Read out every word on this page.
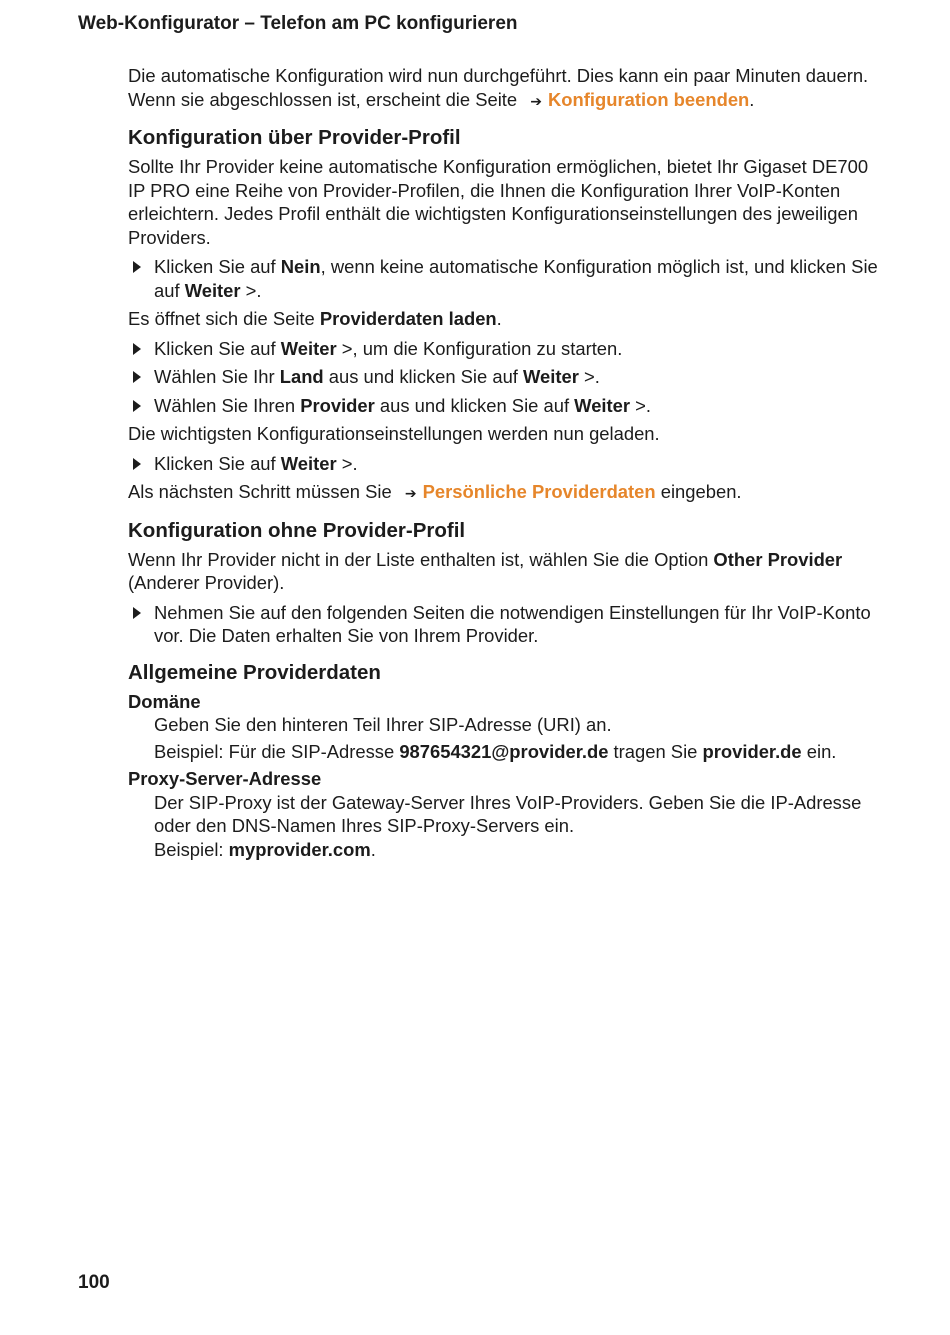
Web-Konfigurator – Telefon am PC konfigurieren

Die automatische Konfiguration wird nun durchgeführt. Dies kann ein paar Minuten dauern. Wenn sie abgeschlossen ist, erscheint die Seite ➔ Konfiguration beenden.

Konfiguration über Provider-Profil

Sollte Ihr Provider keine automatische Konfiguration ermöglichen, bietet Ihr Gigaset DE700 IP PRO eine Reihe von Provider-Profilen, die Ihnen die Konfiguration Ihrer VoIP-Konten erleichtern. Jedes Profil enthält die wichtigsten Konfigurationseinstellungen des jeweiligen Providers.

Klicken Sie auf Nein, wenn keine automatische Konfiguration möglich ist, und klicken Sie auf Weiter >.

Es öffnet sich die Seite Providerdaten laden.

Klicken Sie auf Weiter >, um die Konfiguration zu starten.
Wählen Sie Ihr Land aus und klicken Sie auf Weiter >.
Wählen Sie Ihren Provider aus und klicken Sie auf Weiter >.

Die wichtigsten Konfigurationseinstellungen werden nun geladen.

Klicken Sie auf Weiter >.

Als nächsten Schritt müssen Sie ➔ Persönliche Providerdaten eingeben.

Konfiguration ohne Provider-Profil

Wenn Ihr Provider nicht in der Liste enthalten ist, wählen Sie die Option Other Provider (Anderer Provider).

Nehmen Sie auf den folgenden Seiten die notwendigen Einstellungen für Ihr VoIP-Konto vor. Die Daten erhalten Sie von Ihrem Provider.
Allgemeine Providerdaten
Domäne

Geben Sie den hinteren Teil Ihrer SIP-Adresse (URI) an.

Beispiel: Für die SIP-Adresse 987654321@provider.de tragen Sie provider.de ein.

Proxy-Server-Adresse

Der SIP-Proxy ist der Gateway-Server Ihres VoIP-Providers. Geben Sie die IP-Adresse oder den DNS-Namen Ihres SIP-Proxy-Servers ein.

Beispiel: myprovider.com.

100
